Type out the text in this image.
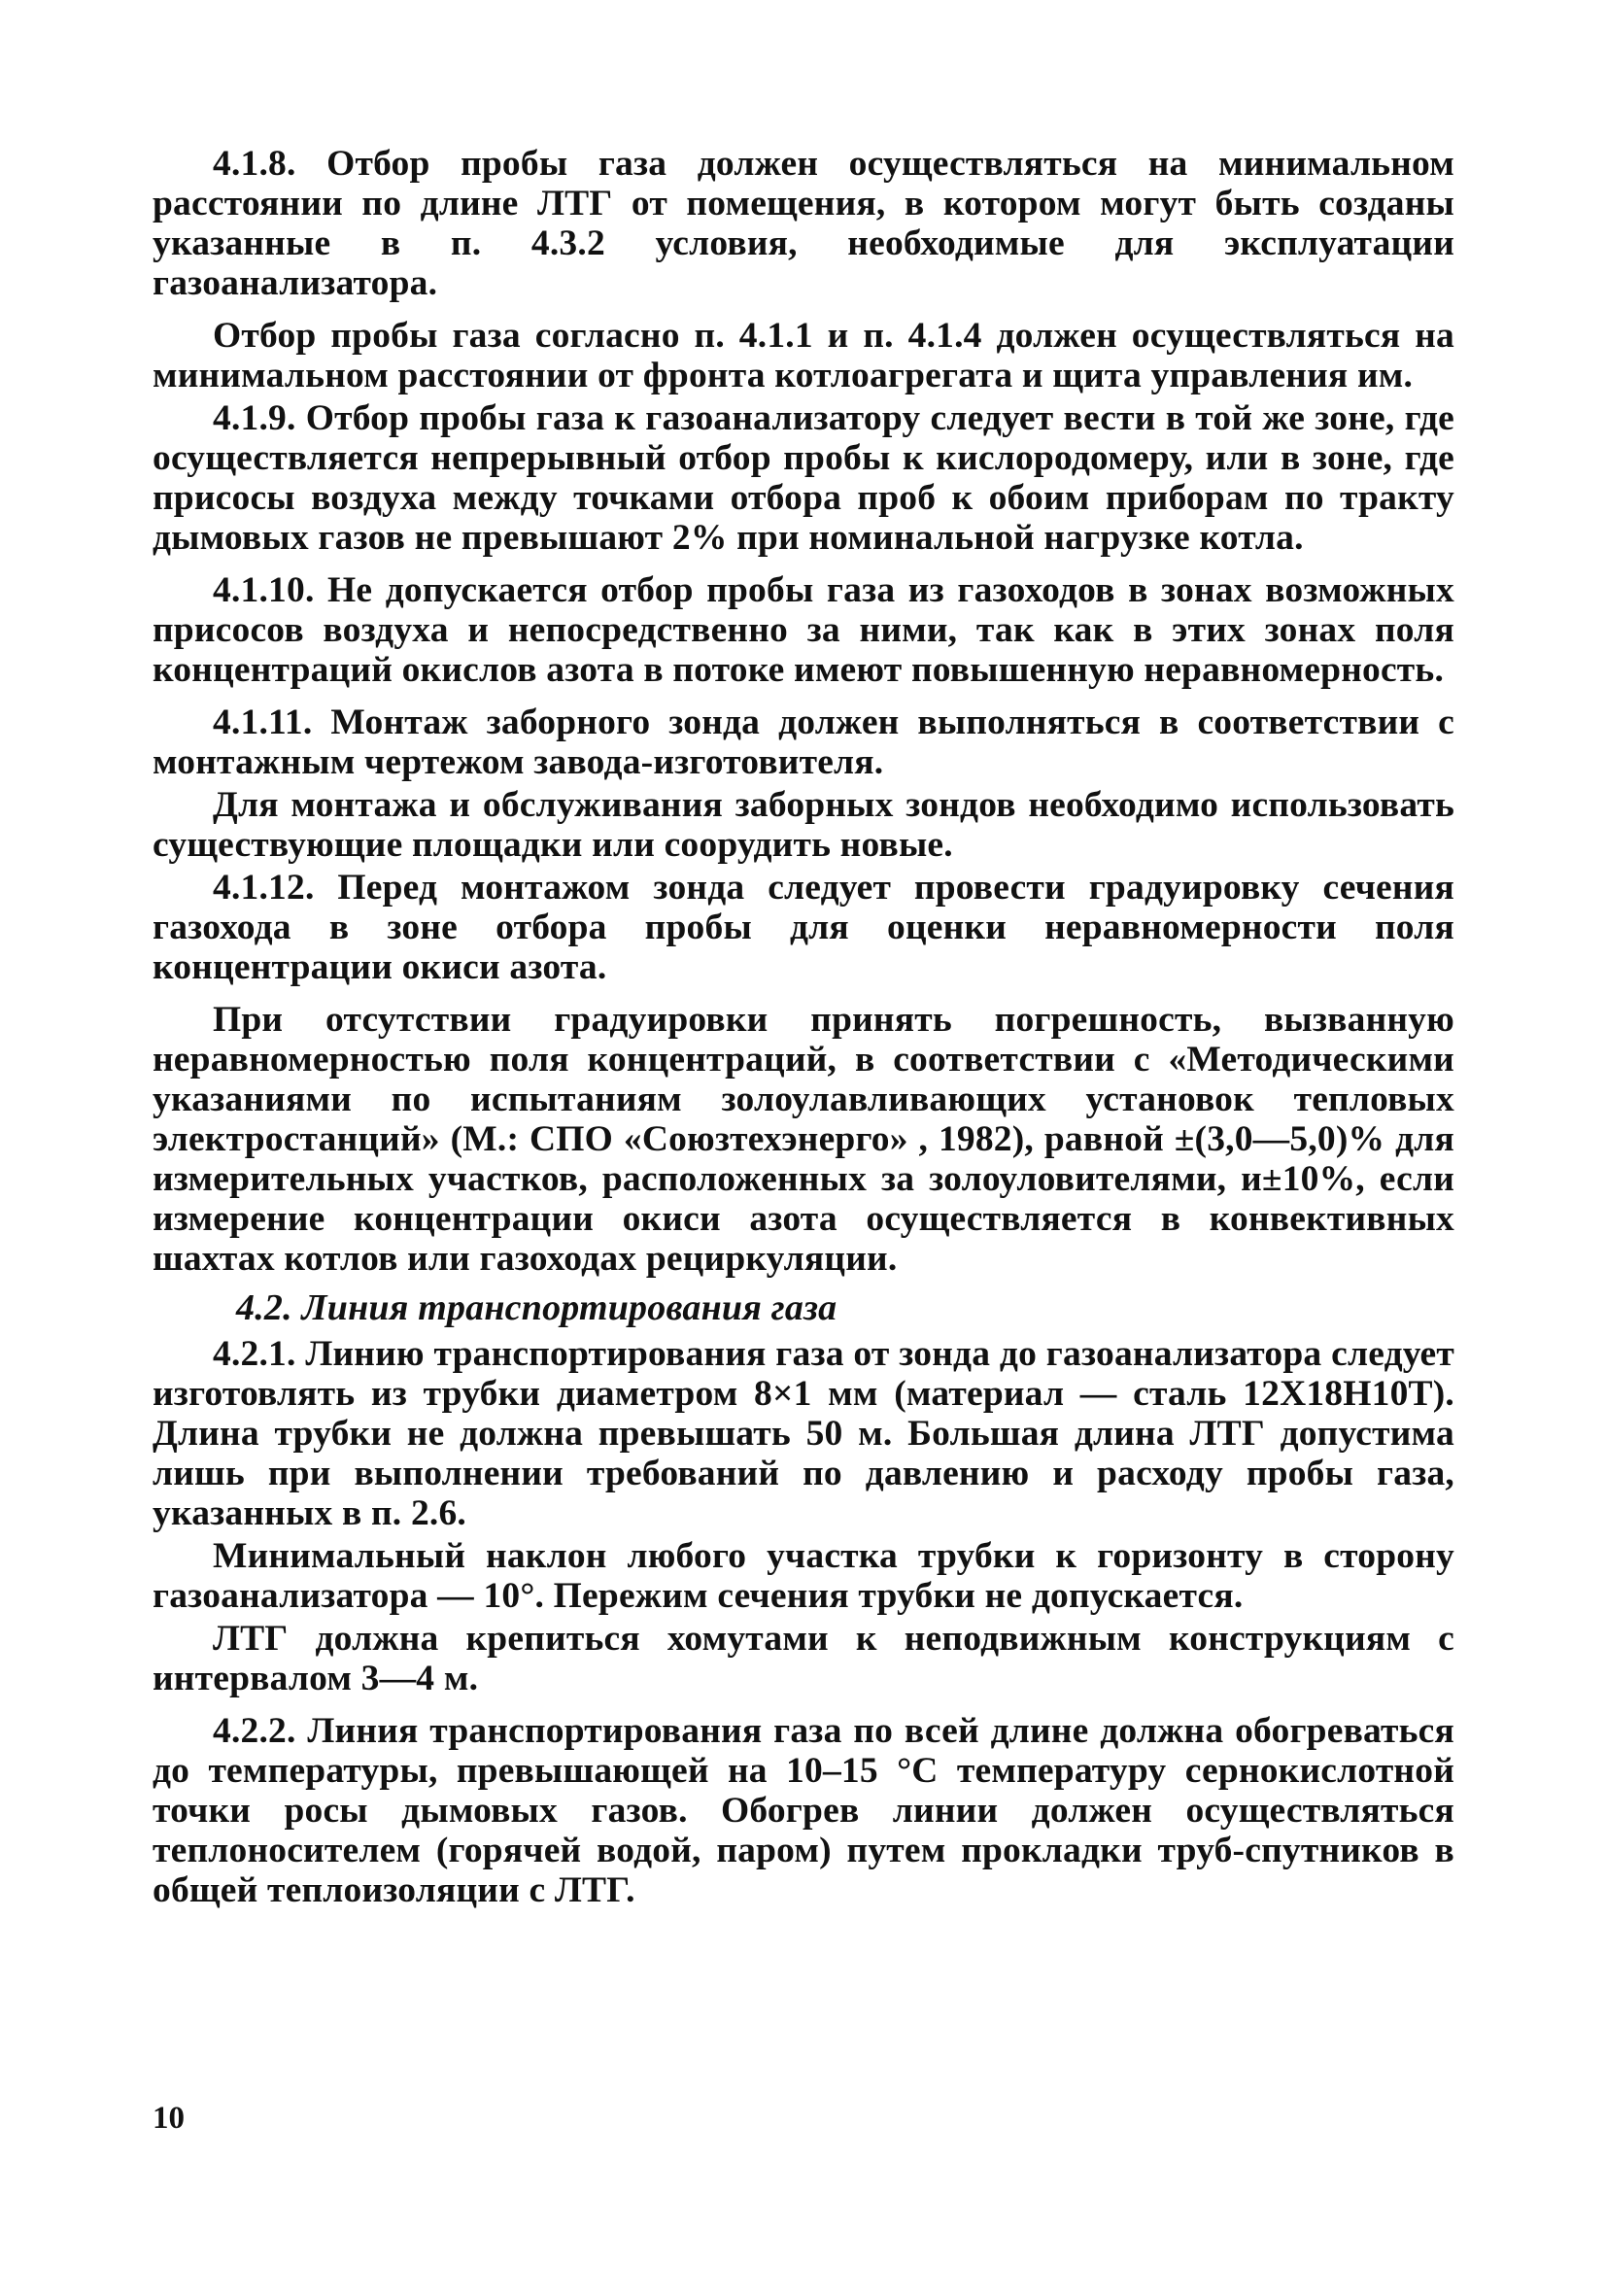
4.1.8. Отбор пробы газа должен осуществляться на минимальном расстоянии по длине ЛТГ от помещения, в котором могут быть созданы указанные в п. 4.3.2 условия, необходимые для эксплуатации газоанализатора.

Отбор пробы газа согласно п. 4.1.1 и п. 4.1.4 должен осуществляться на минимальном расстоянии от фронта котлоагрегата и щита управления им.

4.1.9. Отбор пробы газа к газоанализатору следует вести в той же зоне, где осуществляется непрерывный отбор пробы к кислородомеру, или в зоне, где присосы воздуха между точками отбора проб к обоим приборам по тракту дымовых газов не превышают 2% при номинальной нагрузке котла.

4.1.10. Не допускается отбор пробы газа из газоходов в зонах возможных присосов воздуха и непосредственно за ними, так как в этих зонах поля концентраций окислов азота в потоке имеют повышенную неравномерность.

4.1.11. Монтаж заборного зонда должен выполняться в соответствии с монтажным чертежом завода-изготовителя.

Для монтажа и обслуживания заборных зондов необходимо использовать существующие площадки или соорудить новые.

4.1.12. Перед монтажом зонда следует провести градуировку сечения газохода в зоне отбора пробы для оценки неравномерности поля концентрации окиси азота.

При отсутствии градуировки принять погрешность, вызванную неравномерностью поля концентраций, в соответствии с «Методическими указаниями по испытаниям золоулавливающих установок тепловых электростанций» (М.: СПО «Союзтехэнерго» , 1982), равной ±(3,0—5,0)% для измерительных участков, расположенных за золоуловителями, и±10%, если измерение концентрации окиси азота осуществляется в конвективных шахтах котлов или газоходах рециркуляции.

4.2. Линия транспортирования газа

4.2.1. Линию транспортирования газа от зонда до газоанализатора следует изготовлять из трубки диаметром 8×1 мм (материал — сталь 12Х18Н10Т). Длина трубки не должна превышать 50 м. Большая длина ЛТГ допустима лишь при выполнении требований по давлению и расходу пробы газа, указанных в п. 2.6.

Минимальный наклон любого участка трубки к горизонту в сторону газоанализатора — 10°. Пережим сечения трубки не допускается.

ЛТГ должна крепиться хомутами к неподвижным конструкциям с интервалом 3—4 м.

4.2.2. Линия транспортирования газа по всей длине должна обогреваться до температуры, превышающей на 10–15 °С температуру сернокислотной точки росы дымовых газов. Обогрев линии должен осуществляться теплоносителем (горячей водой, паром) путем прокладки труб-спутников в общей теплоизоляции с ЛТГ.

10
